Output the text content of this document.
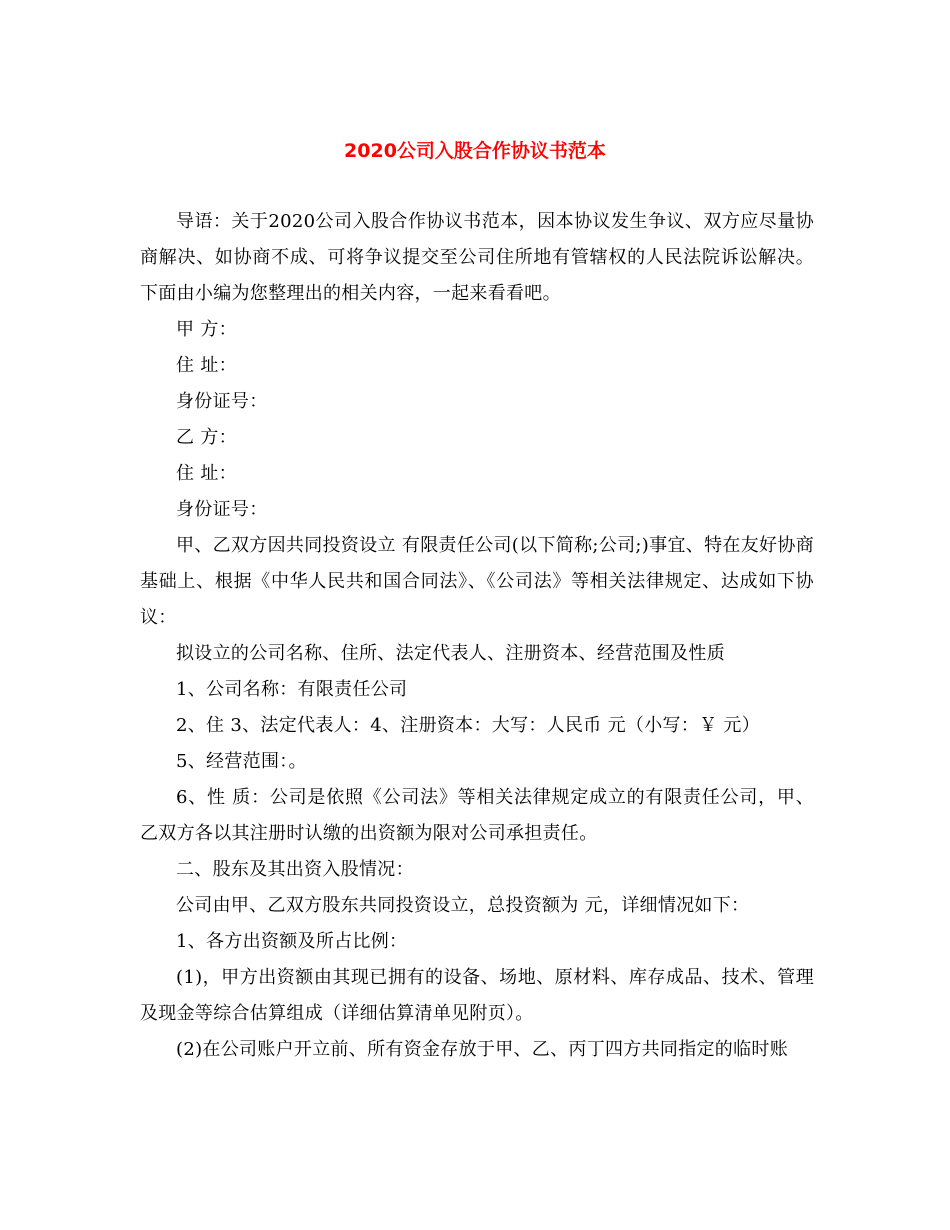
2020公司入股合作协议书范本

导语：关于2020公司入股合作协议书范本，因本协议发生争议、双方应尽量协商解决、如协商不成、可将争议提交至公司住所地有管辖权的人民法院诉讼解决。下面由小编为您整理出的相关内容，一起来看看吧。

甲 方：

住 址：

身份证号：

乙 方：

住 址：

身份证号：

甲、乙双方因共同投资设立 有限责任公司(以下简称;公司;)事宜、特在友好协商基础上、根据《中华人民共和国合同法》、《公司法》等相关法律规定、达成如下协议：

拟设立的公司名称、住所、法定代表人、注册资本、经营范围及性质

1、公司名称：有限责任公司

2、住 3、法定代表人：4、注册资本：大写：人民币 元（小写：￥ 元）

5、经营范围：。

6、性 质：公司是依照《公司法》等相关法律规定成立的有限责任公司，甲、乙双方各以其注册时认缴的出资额为限对公司承担责任。

二、股东及其出资入股情况：

公司由甲、乙双方股东共同投资设立，总投资额为 元，详细情况如下：

1、各方出资额及所占比例：

(1)，甲方出资额由其现已拥有的设备、场地、原材料、库存成品、技术、管理及现金等综合估算组成（详细估算清单见附页）。

(2)在公司账户开立前、所有资金存放于甲、乙、丙丁四方共同指定的临时账
